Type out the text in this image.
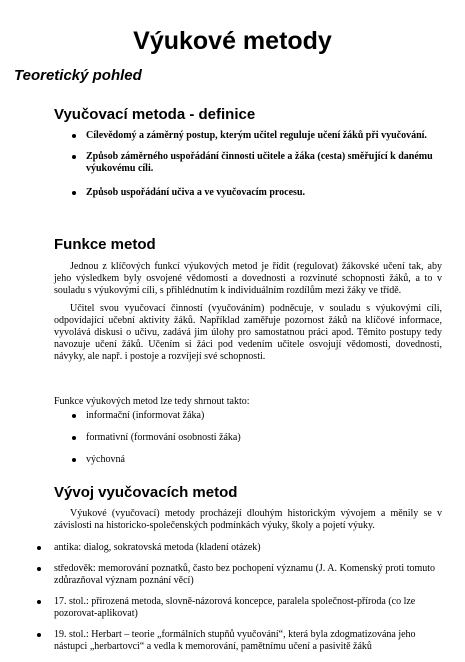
Výukové metody

Teoretický pohled

Vyučovací metoda - definice
Cílevědomý a záměrný postup, kterým učitel reguluje učení žáků při vyučování.
Způsob záměrného uspořádání činnosti učitele a žáka (cesta) směřující k danému výukovému cíli.
Způsob uspořádání učiva a ve vyučovacím procesu.
Funkce metod

Jednou z klíčových funkcí výukových metod je řídit (regulovat) žákovské učení tak, aby jeho výsledkem byly osvojené vědomosti a dovednosti a rozvinuté schopnosti žáků, a to v souladu s výukovými cíli, s přihlédnutím k individuálním rozdílům mezi žáky ve třídě.

Učitel svou vyučovací činností (vyučováním) podněcuje, v souladu s výukovými cíli, odpovídající učební aktivity žáků. Například zaměřuje pozornost žáků na klíčové informace, vyvolává diskusi o učivu, zadává jim úlohy pro samostatnou práci apod. Těmito postupy tedy navozuje učení žáků. Učením si žáci pod vedením učitele osvojují vědomosti, dovednosti, návyky, ale např. i postoje a rozvíjejí své schopnosti.

Funkce výukových metod lze tedy shrnout takto:

informační (informovat žáka)
formativní (formování osobnosti žáka)
výchovná
Vývoj vyučovacích metod

Výukové (vyučovací) metody procházejí dlouhým historickým vývojem a měnily se v závislosti na historicko-společenských podmínkách výuky, školy a pojetí výuky.

antika: dialog, sokratovská metoda (kladení otázek)
středověk: memorování poznatků, často bez pochopení významu (J. A. Komenský proti tomuto zdůrazňoval význam poznání věcí)
17. stol.: přirozená metoda, slovně-názorová koncepce, paralela společnost-příroda (co lze pozorovat-aplikovat)
19. stol.: Herbart – teorie „formálních stupňů vyučování“, která byla zdogmatizována jeho nástupci „herbartovci“ a vedla k memorování, pamětnímu učení a pasivitě žáků
